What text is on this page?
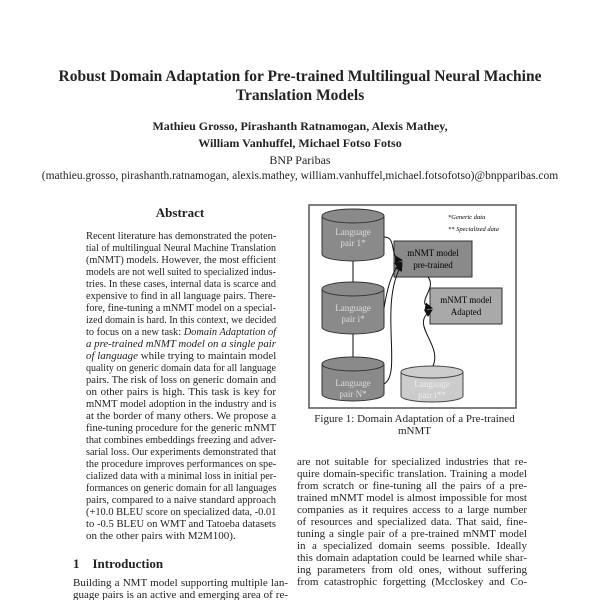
Robust Domain Adaptation for Pre-trained Multilingual Neural Machine
Translation Models
Mathieu Grosso, Pirashanth Ratnamogan, Alexis Mathey,
William Vanhuffel, Michael Fotso Fotso
BNP Paribas
(mathieu.grosso, pirashanth.ratnamogan, alexis.mathey, william.vanhuffel,michael.fotsofotso)@bnpparibas.com
Abstract
Recent literature has demonstrated the poten-
tial of multilingual Neural Machine Translation
(mNMT) models. However, the most efficient
models are not well suited to specialized indus-
tries. In these cases, internal data is scarce and
expensive to find in all language pairs. There-
fore, fine-tuning a mNMT model on a special-
ized domain is hard. In this context, we decided
to focus on a new task: Domain Adaptation of
a pre-trained mNMT model on a single pair
of language while trying to maintain model
quality on generic domain data for all language
pairs. The risk of loss on generic domain and
on other pairs is high. This task is key for
mNMT model adoption in the industry and is
at the border of many others. We propose a
fine-tuning procedure for the generic mNMT
that combines embeddings freezing and adver-
sarial loss. Our experiments demonstrated that
the procedure improves performances on spe-
cialized data with a minimal loss in initial per-
formances on generic domain for all languages
pairs, compared to a naive standard approach
(+10.0 BLEU score on specialized data, -0.01
to -0.5 BLEU on WMT and Tatoeba datasets
on the other pairs with M2M100).
1 Introduction
Building a NMT model supporting multiple lan-
guage pairs is an active and emerging area of re-
*Generic data
** Specialized data
Language
pair 1*
Language
pair i*
Language
pair N*
Language
pair i**
mNMT model
pre-trained
mNMT model
Adapted
Figure 1: Domain Adaptation of a Pre-trained mNMT
are not suitable for specialized industries that re-
quire domain-specific translation. Training a model
from scratch or fine-tuning all the pairs of a pre-
trained mNMT model is almost impossible for most
companies as it requires access to a large number
of resources and specialized data. That said, fine-
tuning a single pair of a pre-trained mNMT model
in a specialized domain seems possible. Ideally
this domain adaptation could be learned while shar-
ing parameters from old ones, without suffering
from catastrophic forgetting (Mccloskey and Co-
